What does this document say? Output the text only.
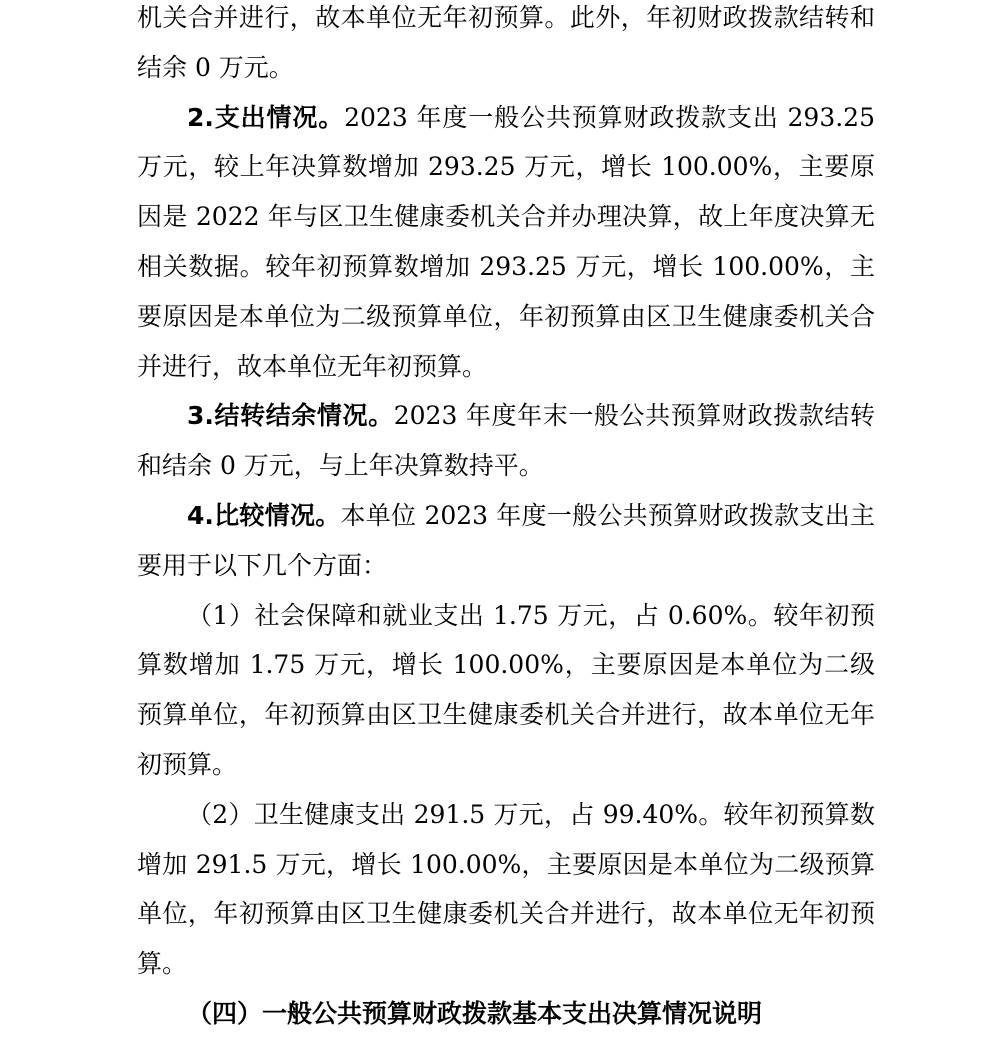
机关合并进行，故本单位无年初预算。此外，年初财政拨款结转和结余 0 万元。

2.支出情况。2023 年度一般公共预算财政拨款支出 293.25 万元，较上年决算数增加 293.25 万元，增长 100.00%，主要原因是 2022 年与区卫生健康委机关合并办理决算，故上年度决算无相关数据。较年初预算数增加 293.25 万元，增长 100.00%，主要原因是本单位为二级预算单位，年初预算由区卫生健康委机关合并进行，故本单位无年初预算。

3.结转结余情况。2023 年度年末一般公共预算财政拨款结转和结余 0 万元，与上年决算数持平。

4.比较情况。本单位 2023 年度一般公共预算财政拨款支出主要用于以下几个方面：

（1）社会保障和就业支出 1.75 万元，占 0.60%。较年初预算数增加 1.75 万元，增长 100.00%，主要原因是本单位为二级预算单位，年初预算由区卫生健康委机关合并进行，故本单位无年初预算。

（2）卫生健康支出 291.5 万元，占 99.40%。较年初预算数增加 291.5 万元，增长 100.00%，主要原因是本单位为二级预算单位，年初预算由区卫生健康委机关合并进行，故本单位无年初预算。

（四）一般公共预算财政拨款基本支出决算情况说明
